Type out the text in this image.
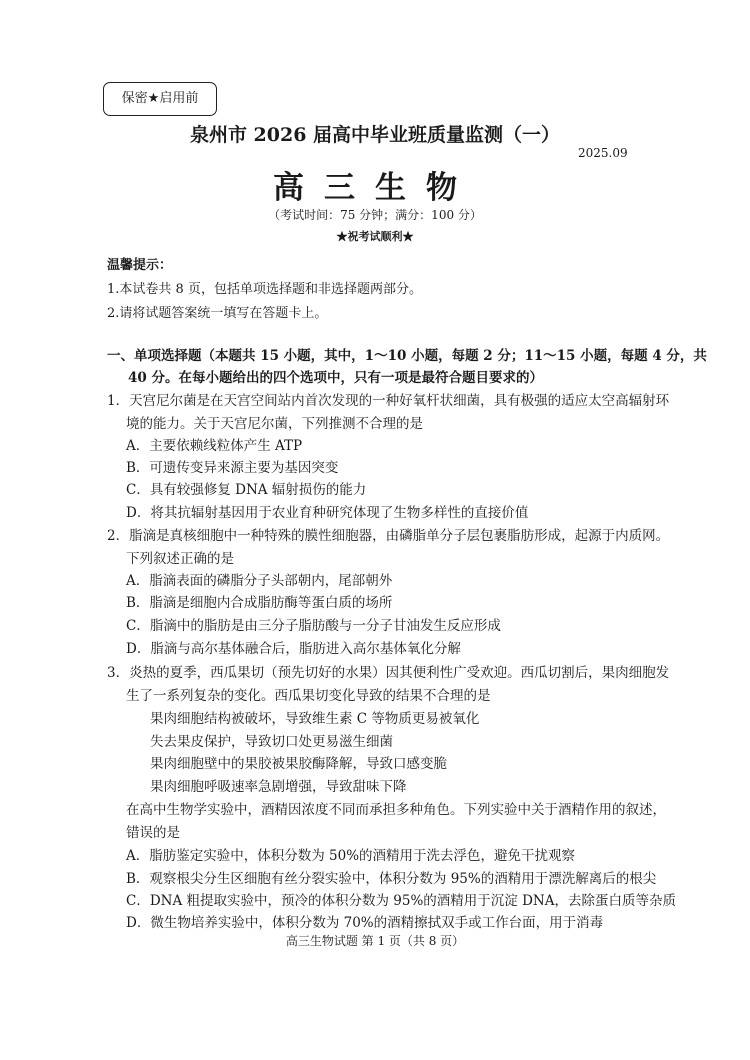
保密★启用前
泉州市 2026 届高中毕业班质量监测（一）
2025.09
高三生物
（考试时间：75 分钟；满分：100 分）
★祝考试顺利★
温馨提示：
1.本试卷共 8 页，包括单项选择题和非选择题两部分。
2.请将试题答案统一填写在答题卡上。
一、单项选择题（本题共 15 小题，其中，1～10 小题，每题 2 分；11～15 小题，每题 4 分，共
40 分。在每小题给出的四个选项中，只有一项是最符合题目要求的）
1．天宫尼尔菌是在天宫空间站内首次发现的一种好氧杆状细菌，具有极强的适应太空高辐射环
境的能力。关于天宫尼尔菌，下列推测不合理的是
A．主要依赖线粒体产生 ATP
B．可遗传变异来源主要为基因突变
C．具有较强修复 DNA 辐射损伤的能力
D．将其抗辐射基因用于农业育种研究体现了生物多样性的直接价值
2．脂滴是真核细胞中一种特殊的膜性细胞器，由磷脂单分子层包裹脂肪形成，起源于内质网。
下列叙述正确的是
A．脂滴表面的磷脂分子头部朝内，尾部朝外
B．脂滴是细胞内合成脂肪酶等蛋白质的场所
C．脂滴中的脂肪是由三分子脂肪酸与一分子甘油发生反应形成
D．脂滴与高尔基体融合后，脂肪进入高尔基体氧化分解
3．炎热的夏季，西瓜果切（预先切好的水果）因其便利性广受欢迎。西瓜切割后，果肉细胞发
生了一系列复杂的变化。西瓜果切变化导致的结果不合理的是
果肉细胞结构被破坏，导致维生素 C 等物质更易被氧化
失去果皮保护，导致切口处更易滋生细菌
果肉细胞壁中的果胶被果胶酶降解，导致口感变脆
果肉细胞呼吸速率急剧增强，导致甜味下降
在高中生物学实验中，酒精因浓度不同而承担多种角色。下列实验中关于酒精作用的叙述，
错误的是
A．脂肪鉴定实验中，体积分数为 50%的酒精用于洗去浮色，避免干扰观察
B．观察根尖分生区细胞有丝分裂实验中，体积分数为 95%的酒精用于漂洗解离后的根尖
C．DNA 粗提取实验中，预冷的体积分数为 95%的酒精用于沉淀 DNA，去除蛋白质等杂质
D．微生物培养实验中，体积分数为 70%的酒精擦拭双手或工作台面，用于消毒
高三生物试题 第 1 页（共 8 页）
